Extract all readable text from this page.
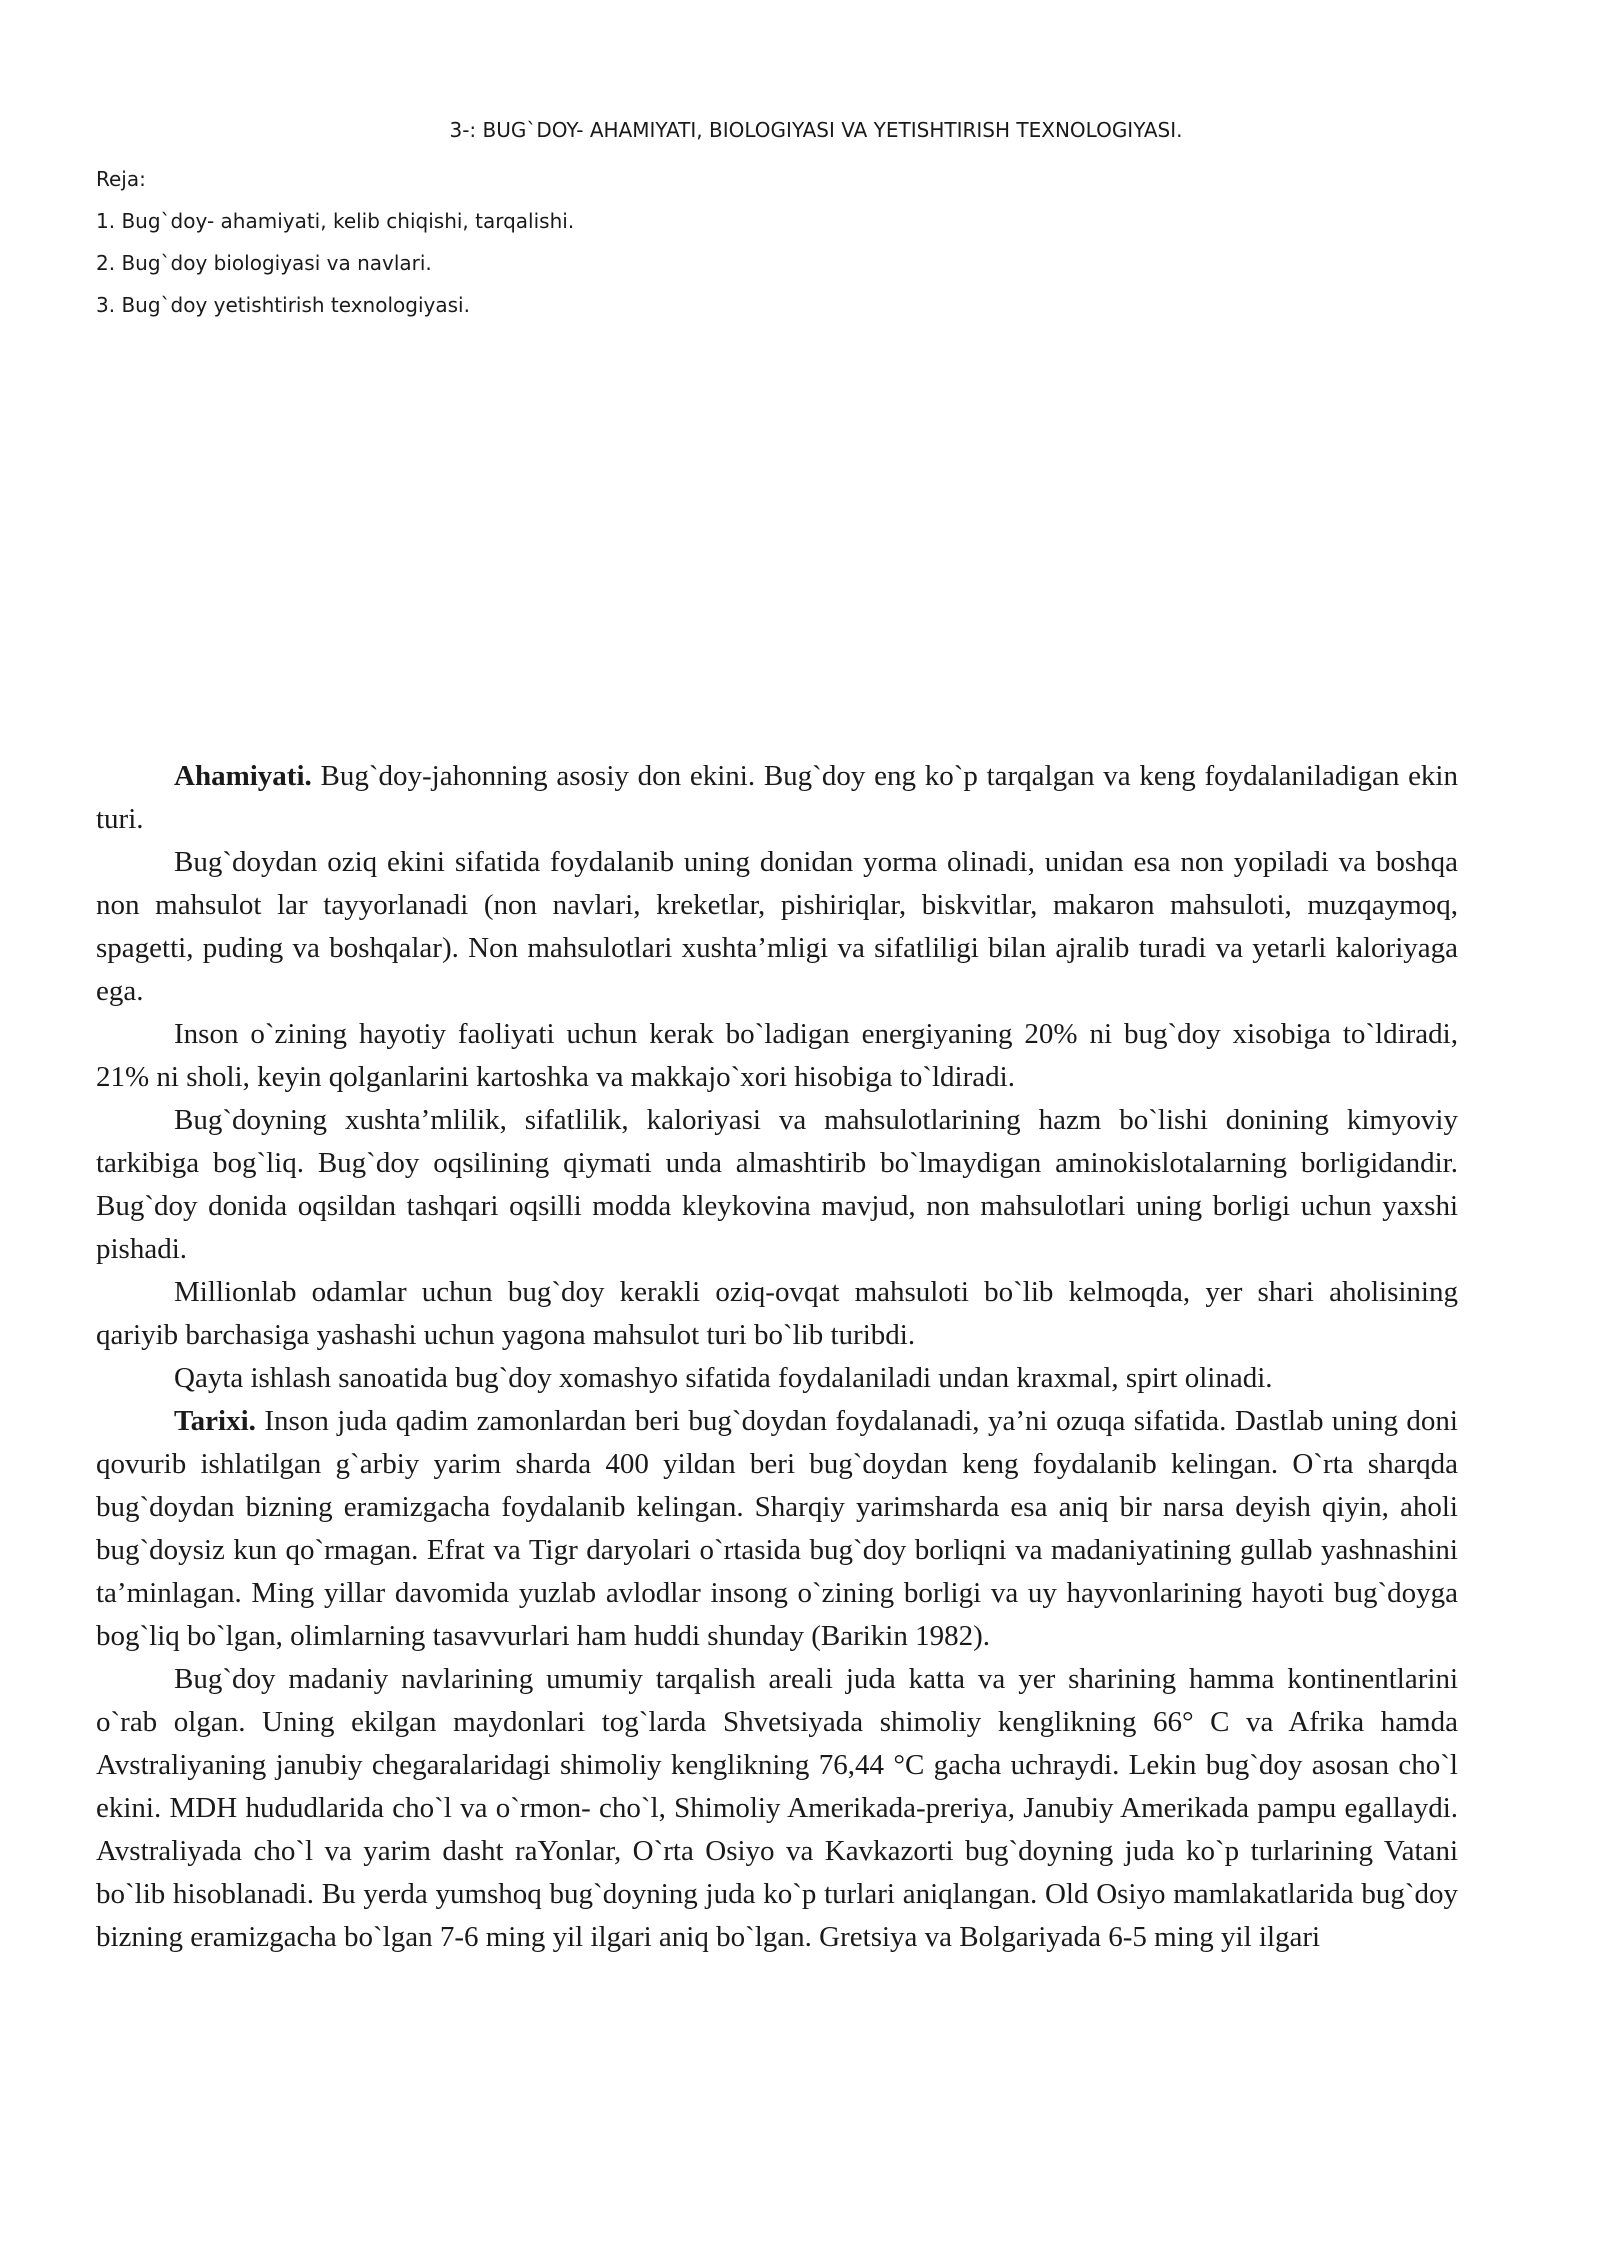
3-: BUG`DOY- AHAMIYATI, BIOLOGIYASI VA YETISHTIRISH TEXNOLOGIYASI.
Reja:
1. Bug`doy- ahamiyati, kelib chiqishi, tarqalishi.
2. Bug`doy biologiyasi va navlari.
3. Bug`doy yetishtirish texnologiyasi.

Ahamiyati. Bug`doy-jahonning asosiy don ekini. Bug`doy eng ko`p tarqalgan va keng foydalaniladigan ekin turi.

Bug`doydan oziq ekini sifatida foydalanib uning donidan yorma olinadi, unidan esa non yopiladi va boshqa non mahsulot lar tayyorlanadi (non navlari, kreketlar, pishiriqlar, biskvitlar, makaron mahsuloti, muzqaymoq, spagetti, puding va boshqalar). Non mahsulotlari xushta’mligi va sifatliligi bilan ajralib turadi va yetarli kaloriyaga ega.

Inson o`zining hayotiy faoliyati uchun kerak bo`ladigan energiyaning 20% ni bug`doy xisobiga to`ldiradi, 21% ni sholi, keyin qolganlarini kartoshka va makkajo`xori hisobiga to`ldiradi.

Bug`doyning xushta’mlilik, sifatlilik, kaloriyasi va mahsulotlarining hazm bo`lishi donining kimyoviy tarkibiga bog`liq. Bug`doy oqsilining qiymati unda almashtirib bo`lmaydigan aminokislotalarning borligidandir. Bug`doy donida oqsildan tashqari oqsilli modda kleykovina mavjud, non mahsulotlari uning borligi uchun yaxshi pishadi.

Millionlab odamlar uchun bug`doy kerakli oziq-ovqat mahsuloti bo`lib kelmoqda, yer shari aholisining qariyib barchasiga yashashi uchun yagona mahsulot turi bo`lib turibdi.

Qayta ishlash sanoatida bug`doy xomashyo sifatida foydalaniladi undan kraxmal, spirt olinadi.

Tarixi. Inson juda qadim zamonlardan beri bug`doydan foydalanadi, ya’ni ozuqa sifatida. Dastlab uning doni qovurib ishlatilgan g`arbiy yarim sharda 400 yildan beri bug`doydan keng foydalanib kelingan. O`rta sharqda bug`doydan bizning eramizgacha foydalanib kelingan. Sharqiy yarimsharda esa aniq bir narsa deyish qiyin, aholi bug`doysiz kun qo`rmagan. Efrat va Tigr daryolari o`rtasida bug`doy borliqni va madaniyatining gullab yashnashini ta’minlagan. Ming yillar davomida yuzlab avlodlar insong o`zining borligi va uy hayvonlarining hayoti bug`doyga bog`liq bo`lgan, olimlarning tasavvurlari ham huddi shunday (Barikin 1982).

Bug`doy madaniy navlarining umumiy tarqalish areali juda katta va yer sharining hamma kontinentlarini o`rab olgan. Uning ekilgan maydonlari tog`larda Shvetsiyada shimoliy kenglikning 66° C va Afrika hamda Avstraliyaning janubiy chegaralaridagi shimoliy kenglikning 76,44 °C gacha uchraydi. Lekin bug`doy asosan cho`l ekini. MDH hududlarida cho`l va o`rmon- cho`l, Shimoliy Amerikada-preriya, Janubiy Amerikada pampu egallaydi. Avstraliyada cho`l va yarim dasht raYonlar, O`rta Osiyo va Kavkazorti bug`doyning juda ko`p turlarining Vatani bo`lib hisoblanadi. Bu yerda yumshoq bug`doyning juda ko`p turlari aniqlangan. Old Osiyo mamlakatlarida bug`doy bizning eramizgacha bo`lgan 7-6 ming yil ilgari aniq bo`lgan. Gretsiya va Bolgariyada 6-5 ming yil ilgari
